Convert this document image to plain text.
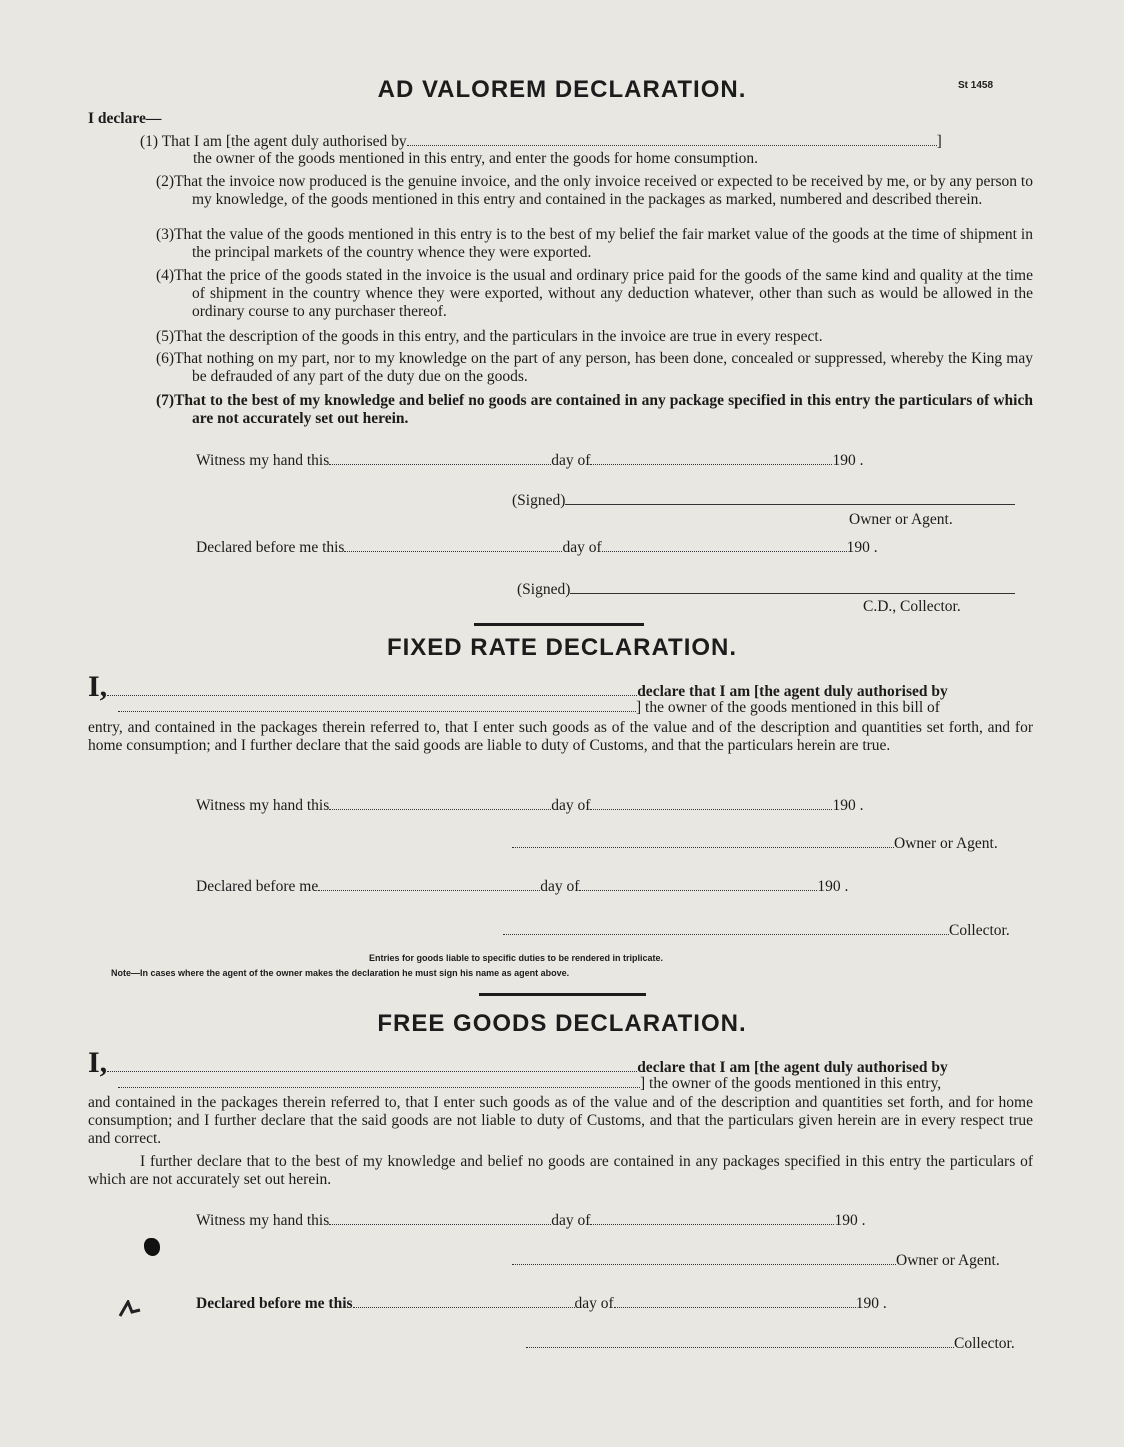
AD VALOREM DECLARATION.	St 1458
I declare—
(1) That I am [the agent duly authorised by	]
the owner of the goods mentioned in this entry, and enter the goods for home consumption.
(2)That the invoice now produced is the genuine invoice, and the only invoice received or expected to be received by me, or by any person to my knowledge, of the goods mentioned in this entry and contained in the packages as marked, numbered and described therein.
(3)That the value of the goods mentioned in this entry is to the best of my belief the fair market value of the goods at the time of shipment in the principal markets of the country whence they were exported.
(4)That the price of the goods stated in the invoice is the usual and ordinary price paid for the goods of the same kind and quality at the time of shipment in the country whence they were exported, without any deduction whatever, other than such as would be allowed in the ordinary course to any purchaser thereof.
(5)That the description of the goods in this entry, and the particulars in the invoice are true in every respect.
(6)That nothing on my part, nor to my knowledge on the part of any person, has been done, concealed or suppressed, whereby the King may be defrauded of any part of the duty due on the goods.
(7)That to the best of my knowledge and belief no goods are contained in any package specified in this entry the particulars of which are not accurately set out herein.
Witness my hand this	day of	190 .
(Signed)
Owner or Agent.
Declared before me this	day of	190 .
(Signed)
C.D., Collector.
FIXED RATE DECLARATION.
I,	declare that I am [the agent duly authorised by
] the owner of the goods mentioned in this bill of
entry, and contained in the packages therein referred to, that I enter such goods as of the value and of the description and quantities set forth, and for home consumption; and I further declare that the said goods are liable to duty of Customs, and that the particulars herein are true.
Witness my hand this	day of	190 .
Owner or Agent.
Declared before me	day of	190 .
Collector.
Entries for goods liable to specific duties to be rendered in triplicate.
Note—In cases where the agent of the owner makes the declaration he must sign his name as agent above.
FREE GOODS DECLARATION.
I,	declare that I am [the agent duly authorised by
] the owner of the goods mentioned in this entry,
and contained in the packages therein referred to, that I enter such goods as of the value and of the description and quantities set forth, and for home consumption; and I further declare that the said goods are not liable to duty of Customs, and that the particulars given herein are in every respect true and correct.
I further declare that to the best of my knowledge and belief no goods are contained in any packages specified in this entry the particulars of which are not accurately set out herein.
Witness my hand this	day of	190 .
Owner or Agent.
Declared before me this	day of	190 .
Collector.
